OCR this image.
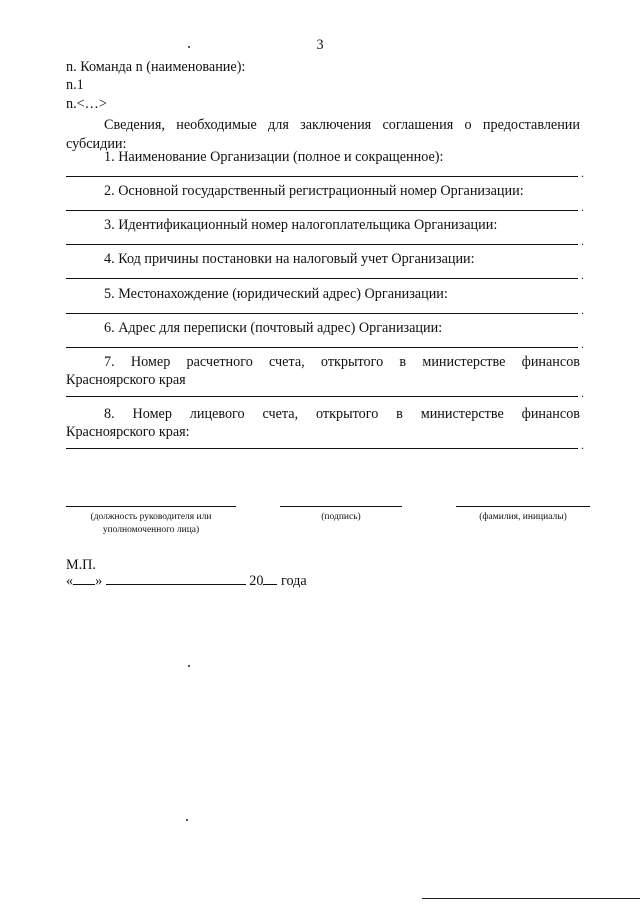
3

n. Команда n (наименование):

n.1

n.<…>

Сведения, необходимые для заключения соглашения о предоставлении

субсидии:

1. Наименование Организации (полное и сокращенное):

.

2. Основной государственный регистрационный номер Организации:

.

3. Идентификационный номер налогоплательщика Организации:

.

4. Код причины постановки на налоговый учет Организации:

.

5. Местонахождение (юридический адрес) Организации:

.

6. Адрес для переписки (почтовый адрес) Организации:

.

7. Номер расчетного счета, открытого в министерстве финансов

Красноярского края

.

8. Номер лицевого счета, открытого в министерстве финансов

Красноярского края:

.
(должность руководителя или
уполномоченного лица)
(подпись)	(фамилия, инициалы)
М.П.
« »	20 года
